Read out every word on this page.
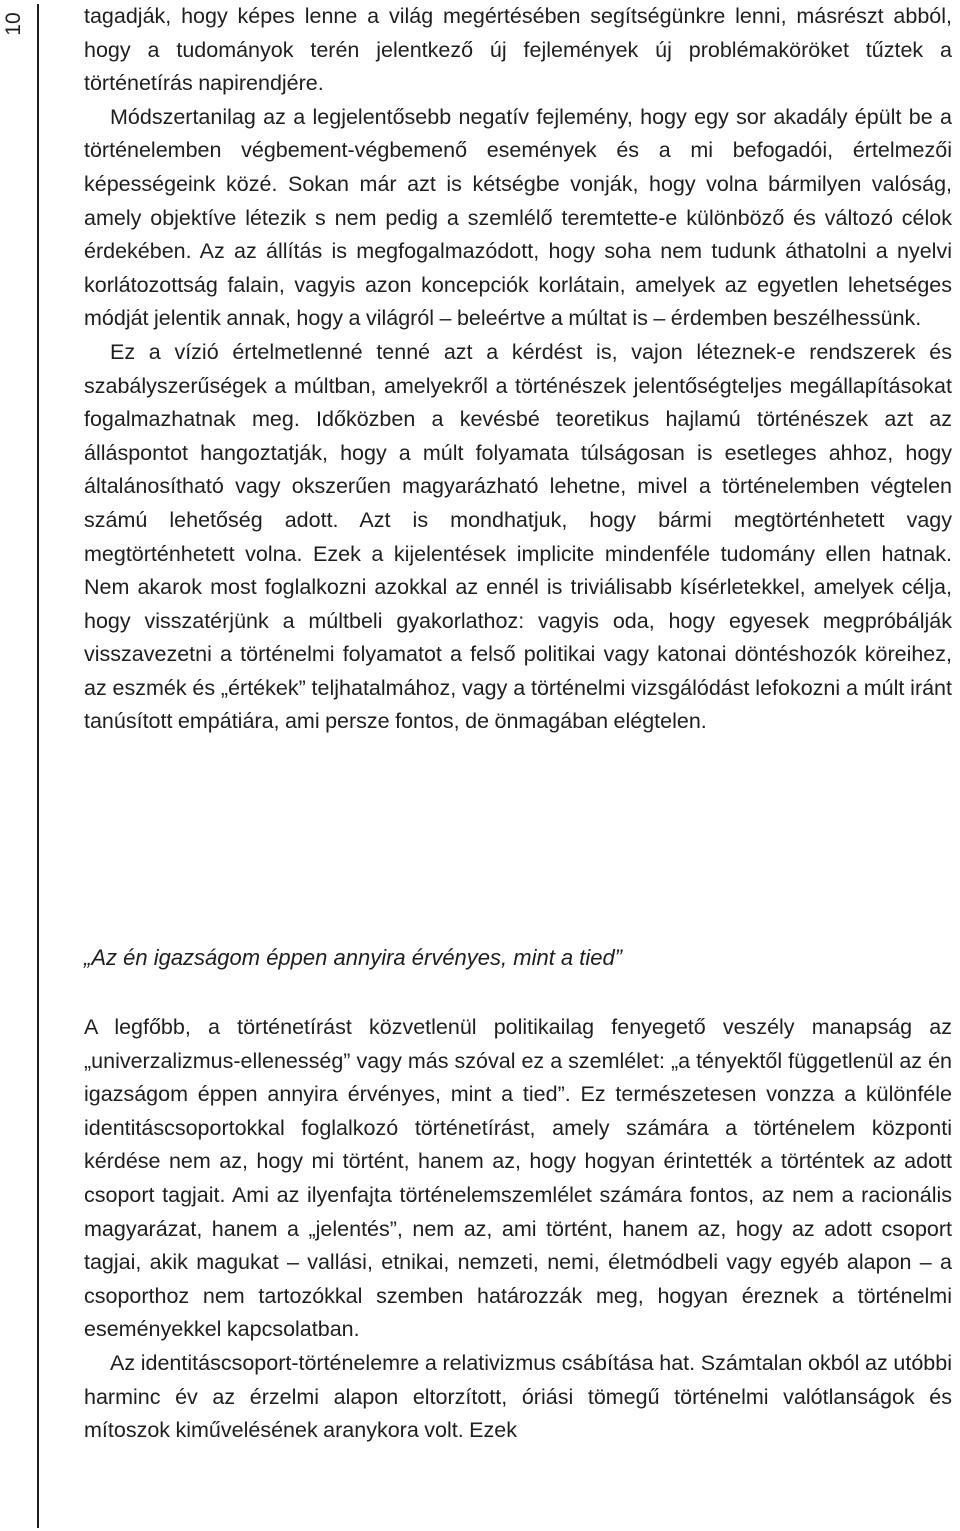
10	tagadják, hogy képes lenne a világ megértésében segítségünkre lenni, másrészt abból, hogy a tudományok terén jelentkező új fejlemények új problémaköröket tűztek a történetírás napirendjére.

Módszertanilag az a legjelentősebb negatív fejlemény, hogy egy sor akadály épült be a történelemben végbement-végbemenő események és a mi befogadói, értelmezői képességeink közé. Sokan már azt is kétségbe vonják, hogy volna bármilyen valóság, amely objektíve létezik s nem pedig a szemlélő teremtette-e különböző és változó célok érdekében. Az az állítás is megfogalmazódott, hogy soha nem tudunk áthatolni a nyelvi korlátozottság falain, vagyis azon koncepciók korlátain, amelyek az egyetlen lehetséges módját jelentik annak, hogy a világról – beleértve a múltat is – érdemben beszélhessünk.

Ez a vízió értelmetlenné tenné azt a kérdést is, vajon léteznek-e rendszerek és szabályszerűségek a múltban, amelyekről a történészek jelentőségteljes megállapításokat fogalmazhatnak meg. Időközben a kevésbé teoretikus hajlamú történészek azt az álláspontot hangoztatják, hogy a múlt folyamata túlságosan is esetleges ahhoz, hogy általánosítható vagy okszerűen magyarázható lehetne, mivel a történelemben végtelen számú lehetőség adott. Azt is mondhatjuk, hogy bármi megtörténhetett vagy megtörténhetett volna. Ezek a kijelentések implicite mindenféle tudomány ellen hatnak. Nem akarok most foglalkozni azokkal az ennél is triviálisabb kísérletekkel, amelyek célja, hogy visszatérjünk a múltbeli gyakorlathoz: vagyis oda, hogy egyesek megpróbálják visszavezetni a történelmi folyamatot a felső politikai vagy katonai döntéshozók köreihez, az eszmék és „értékek” teljhatalmához, vagy a történelmi vizsgálódást lefokozni a múlt iránt tanúsított empátiára, ami persze fontos, de önmagában elégtelen.

„Az én igazságom éppen annyira érvényes, mint a tied”

A legfőbb, a történetírást közvetlenül politikailag fenyegető veszély manapság az „univerzalizmus-ellenesség” vagy más szóval ez a szemlélet: „a tényektől függetlenül az én igazságom éppen annyira érvényes, mint a tied”. Ez természetesen vonzza a különféle identitáscsoportokkal foglalkozó történetírást, amely számára a történelem központi kérdése nem az, hogy mi történt, hanem az, hogy hogyan érintették a történtek az adott csoport tagjait. Ami az ilyenfajta történelemszemlélet számára fontos, az nem a racionális magyarázat, hanem a „jelentés”, nem az, ami történt, hanem az, hogy az adott csoport tagjai, akik magukat – vallási, etnikai, nemzeti, nemi, életmódbeli vagy egyéb alapon – a csoporthoz nem tartozókkal szemben határozzák meg, hogyan éreznek a történelmi eseményekkel kapcsolatban.

Az identitáscsoport-történelemre a relativizmus csábítása hat. Számtalan okból az utóbbi harminc év az érzelmi alapon eltorzított, óriási tömegű történelmi valótlanságok és mítoszok kiművelésének aranykora volt. Ezek
